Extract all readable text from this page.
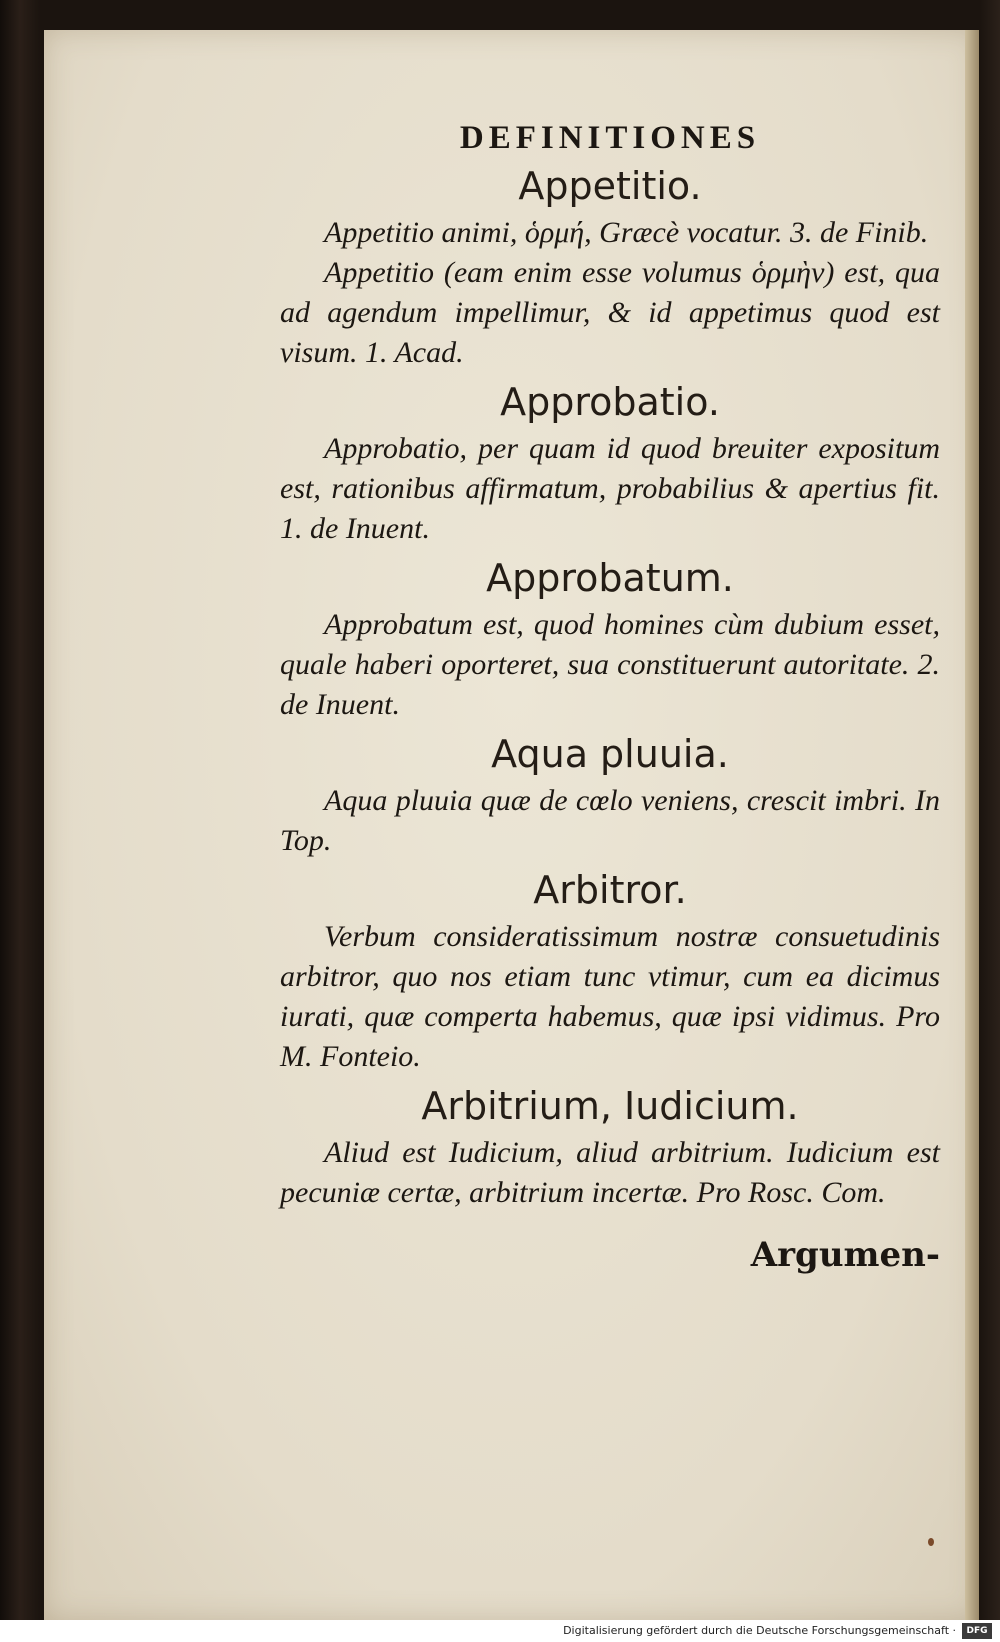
DEFINITIONES
Appetitio.

Appetitio animi, ὁρμή, Græcè vocatur. 3. de Finib.

Appetitio (eam enim esse volumus ὁρμὴν) est, qua ad agendum impellimur, & id appetimus quod est visum. 1. Acad.

Approbatio.

Approbatio, per quam id quod breuiter expositum est, rationibus affirmatum, probabilius & apertius fit. 1. de Inuent.

Approbatum.

Approbatum est, quod homines cùm dubium esset, quale haberi oporteret, sua constituerunt autoritate. 2. de Inuent.

Aqua pluuia.

Aqua pluuia quæ de cœlo veniens, crescit imbri. In Top.

Arbitror.

Verbum consideratissimum nostræ consuetudinis arbitror, quo nos etiam tunc vtimur, cum ea dicimus iurati, quæ comperta habemus, quæ ipsi vidimus. Pro M. Fonteio.

Arbitrium, Iudicium.

Aliud est Iudicium, aliud arbitrium. Iudicium est pecuniæ certæ, arbitrium incertæ. Pro Rosc. Com.

Argumen-
Digitalisierung gefördert durch die Deutsche Forschungsgemeinschaft ·	DFG
